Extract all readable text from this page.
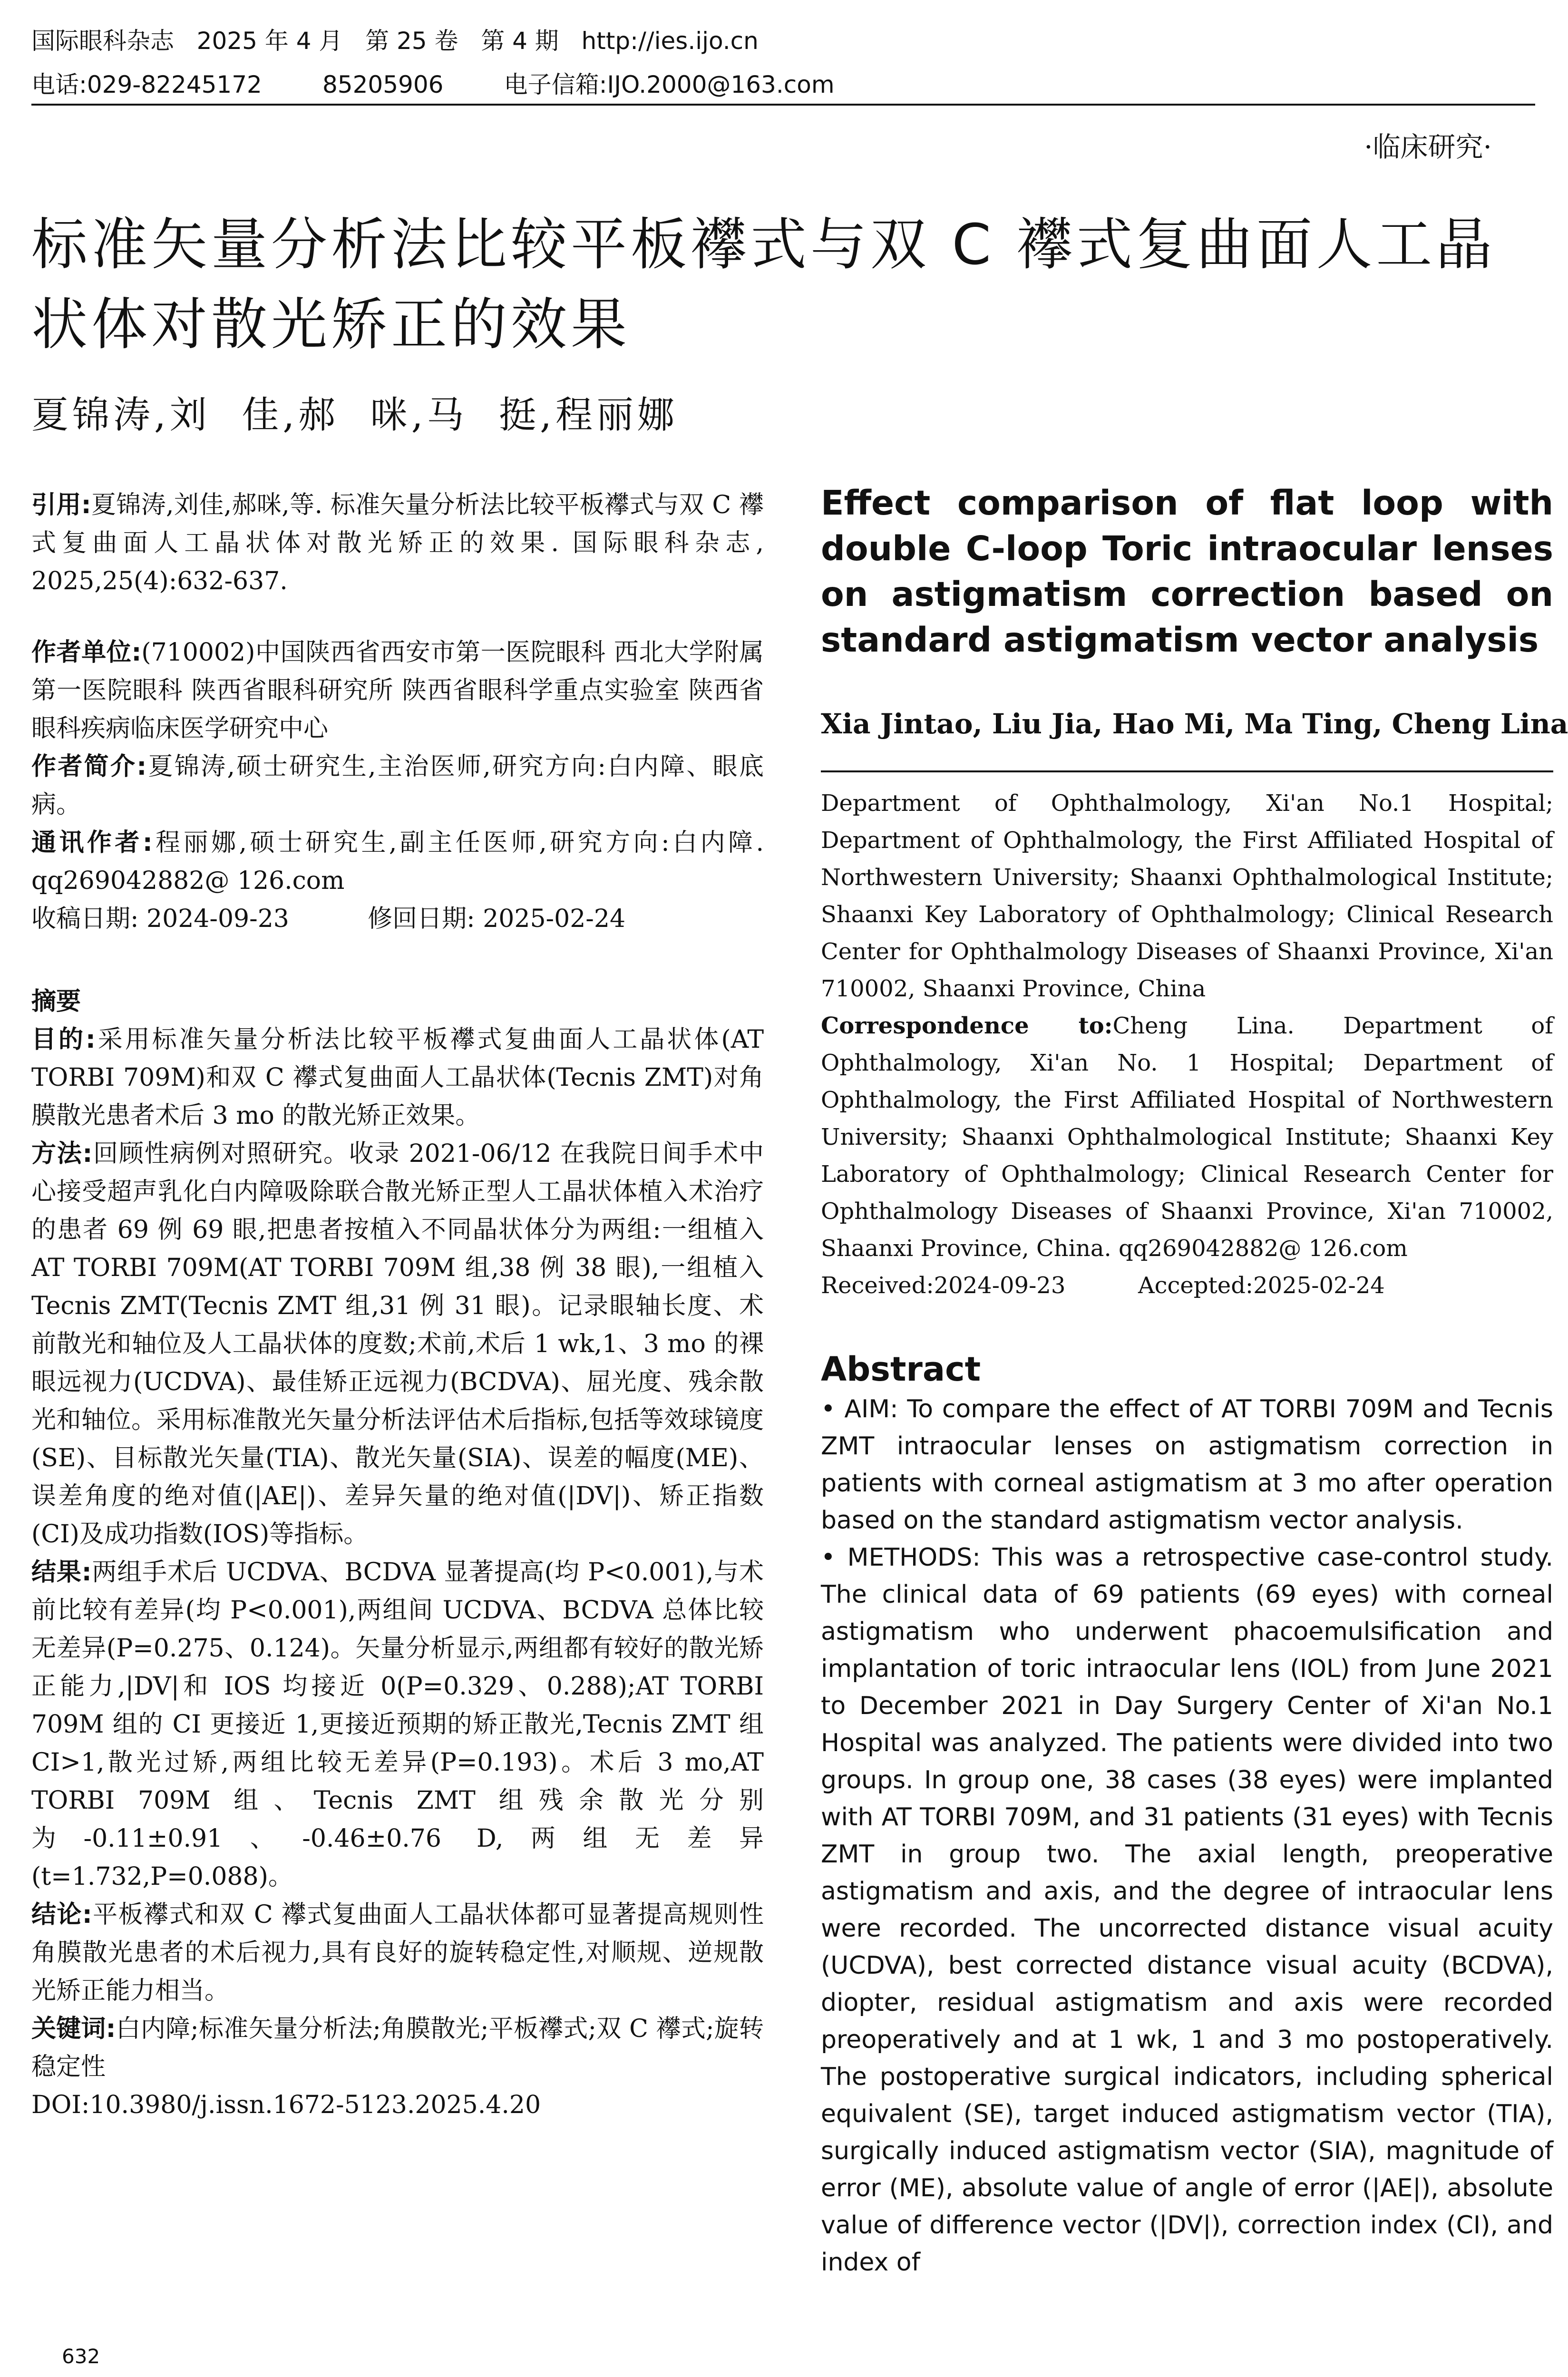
国际眼科杂志   2025 年 4 月   第 25 卷   第 4 期   http://ies.ijo.cn
电话:029-82245172        85205906        电子信箱:IJO.2000@163.com
·临床研究·
标准矢量分析法比较平板襻式与双 C 襻式复曲面人工晶状体对散光矫正的效果
夏锦涛,刘  佳,郝  咪,马  挺,程丽娜

引用:夏锦涛,刘佳,郝咪,等. 标准矢量分析法比较平板襻式与双 C 襻式复曲面人工晶状体对散光矫正的效果. 国际眼科杂志, 2025,25(4):632-637.

作者单位:(710002)中国陕西省西安市第一医院眼科 西北大学附属第一医院眼科 陕西省眼科研究所 陕西省眼科学重点实验室 陕西省眼科疾病临床医学研究中心

作者简介:夏锦涛,硕士研究生,主治医师,研究方向:白内障、眼底病。

通讯作者:程丽娜,硕士研究生,副主任医师,研究方向:白内障. qq269042882@ 126.com

收稿日期: 2024-09-23	修回日期: 2025-02-24

摘要

目的:采用标准矢量分析法比较平板襻式复曲面人工晶状体(AT TORBI 709M)和双 C 襻式复曲面人工晶状体(Tecnis ZMT)对角膜散光患者术后 3 mo 的散光矫正效果。

方法:回顾性病例对照研究。收录 2021-06/12 在我院日间手术中心接受超声乳化白内障吸除联合散光矫正型人工晶状体植入术治疗的患者 69 例 69 眼,把患者按植入不同晶状体分为两组:一组植入 AT TORBI 709M(AT TORBI 709M 组,38 例 38 眼),一组植入 Tecnis ZMT(Tecnis ZMT 组,31 例 31 眼)。记录眼轴长度、术前散光和轴位及人工晶状体的度数;术前,术后 1 wk,1、3 mo 的裸眼远视力(UCDVA)、最佳矫正远视力(BCDVA)、屈光度、残余散光和轴位。采用标准散光矢量分析法评估术后指标,包括等效球镜度(SE)、目标散光矢量(TIA)、散光矢量(SIA)、误差的幅度(ME)、误差角度的绝对值(|AE|)、差异矢量的绝对值(|DV|)、矫正指数(CI)及成功指数(IOS)等指标。

结果:两组手术后 UCDVA、BCDVA 显著提高(均 P<0.001),与术前比较有差异(均 P<0.001),两组间 UCDVA、BCDVA 总体比较无差异(P=0.275、0.124)。矢量分析显示,两组都有较好的散光矫正能力,|DV|和 IOS 均接近 0(P=0.329、0.288);AT TORBI 709M 组的 CI 更接近 1,更接近预期的矫正散光,Tecnis ZMT 组 CI>1,散光过矫,两组比较无差异(P=0.193)。术后 3 mo,AT TORBI 709M 组、Tecnis ZMT 组残余散光分别为-0.11±0.91、-0.46±0.76 D,两组无差异(t=1.732,P=0.088)。

结论:平板襻式和双 C 襻式复曲面人工晶状体都可显著提高规则性角膜散光患者的术后视力,具有良好的旋转稳定性,对顺规、逆规散光矫正能力相当。

关键词:白内障;标准矢量分析法;角膜散光;平板襻式;双 C 襻式;旋转稳定性

DOI:10.3980/j.issn.1672-5123.2025.4.20

Effect comparison of flat loop with double C-loop Toric intraocular lenses on astigmatism correction based on standard astigmatism vector analysis
Xia Jintao, Liu Jia, Hao Mi, Ma Ting, Cheng Lina

Department of Ophthalmology, Xi'an No.1 Hospital; Department of Ophthalmology, the First Affiliated Hospital of Northwestern University; Shaanxi Ophthalmological Institute; Shaanxi Key Laboratory of Ophthalmology; Clinical Research Center for Ophthalmology Diseases of Shaanxi Province, Xi'an 710002, Shaanxi Province, China

Correspondence to:Cheng Lina. Department of Ophthalmology, Xi'an No. 1 Hospital; Department of Ophthalmology, the First Affiliated Hospital of Northwestern University; Shaanxi Ophthalmological Institute; Shaanxi Key Laboratory of Ophthalmology; Clinical Research Center for Ophthalmology Diseases of Shaanxi Province, Xi'an 710002, Shaanxi Province, China. qq269042882@ 126.com

Received:2024-09-23	Accepted:2025-02-24

Abstract

• AIM: To compare the effect of AT TORBI 709M and Tecnis ZMT intraocular lenses on astigmatism correction in patients with corneal astigmatism at 3 mo after operation based on the standard astigmatism vector analysis.

• METHODS: This was a retrospective case-control study. The clinical data of 69 patients (69 eyes) with corneal astigmatism who underwent phacoemulsification and implantation of toric intraocular lens (IOL) from June 2021 to December 2021 in Day Surgery Center of Xi'an No.1 Hospital was analyzed. The patients were divided into two groups. In group one, 38 cases (38 eyes) were implanted with AT TORBI 709M, and 31 patients (31 eyes) with Tecnis ZMT in group two. The axial length, preoperative astigmatism and axis, and the degree of intraocular lens were recorded. The uncorrected distance visual acuity (UCDVA), best corrected distance visual acuity (BCDVA), diopter, residual astigmatism and axis were recorded preoperatively and at 1 wk, 1 and 3 mo postoperatively. The postoperative surgical indicators, including spherical equivalent (SE), target induced astigmatism vector (TIA), surgically induced astigmatism vector (SIA), magnitude of error (ME), absolute value of angle of error (|AE|), absolute value of difference vector (|DV|), correction index (CI), and index of

632
